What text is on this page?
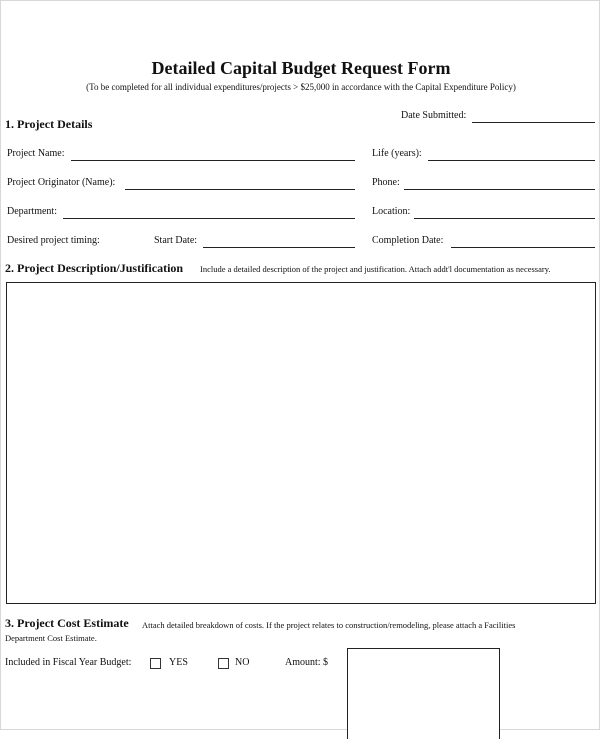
Detailed Capital Budget Request Form
(To be completed for all individual expenditures/projects > $25,000 in accordance with the Capital Expenditure Policy)
1. Project Details
Date Submitted:
Project Name:	Life (years):
Project Originator (Name):	Phone:
Department:	Location:
Desired project timing:	Start Date:	Completion Date:
2. Project Description/Justification Include a detailed description of the project and justification. Attach addt'l documentation as necessary.
3. Project Cost Estimate Attach detailed breakdown of costs. If the project relates to construction/remodeling, please attach a Facilities
Department Cost Estimate.
Included in Fiscal Year Budget:	YES	NO	Amount: $
